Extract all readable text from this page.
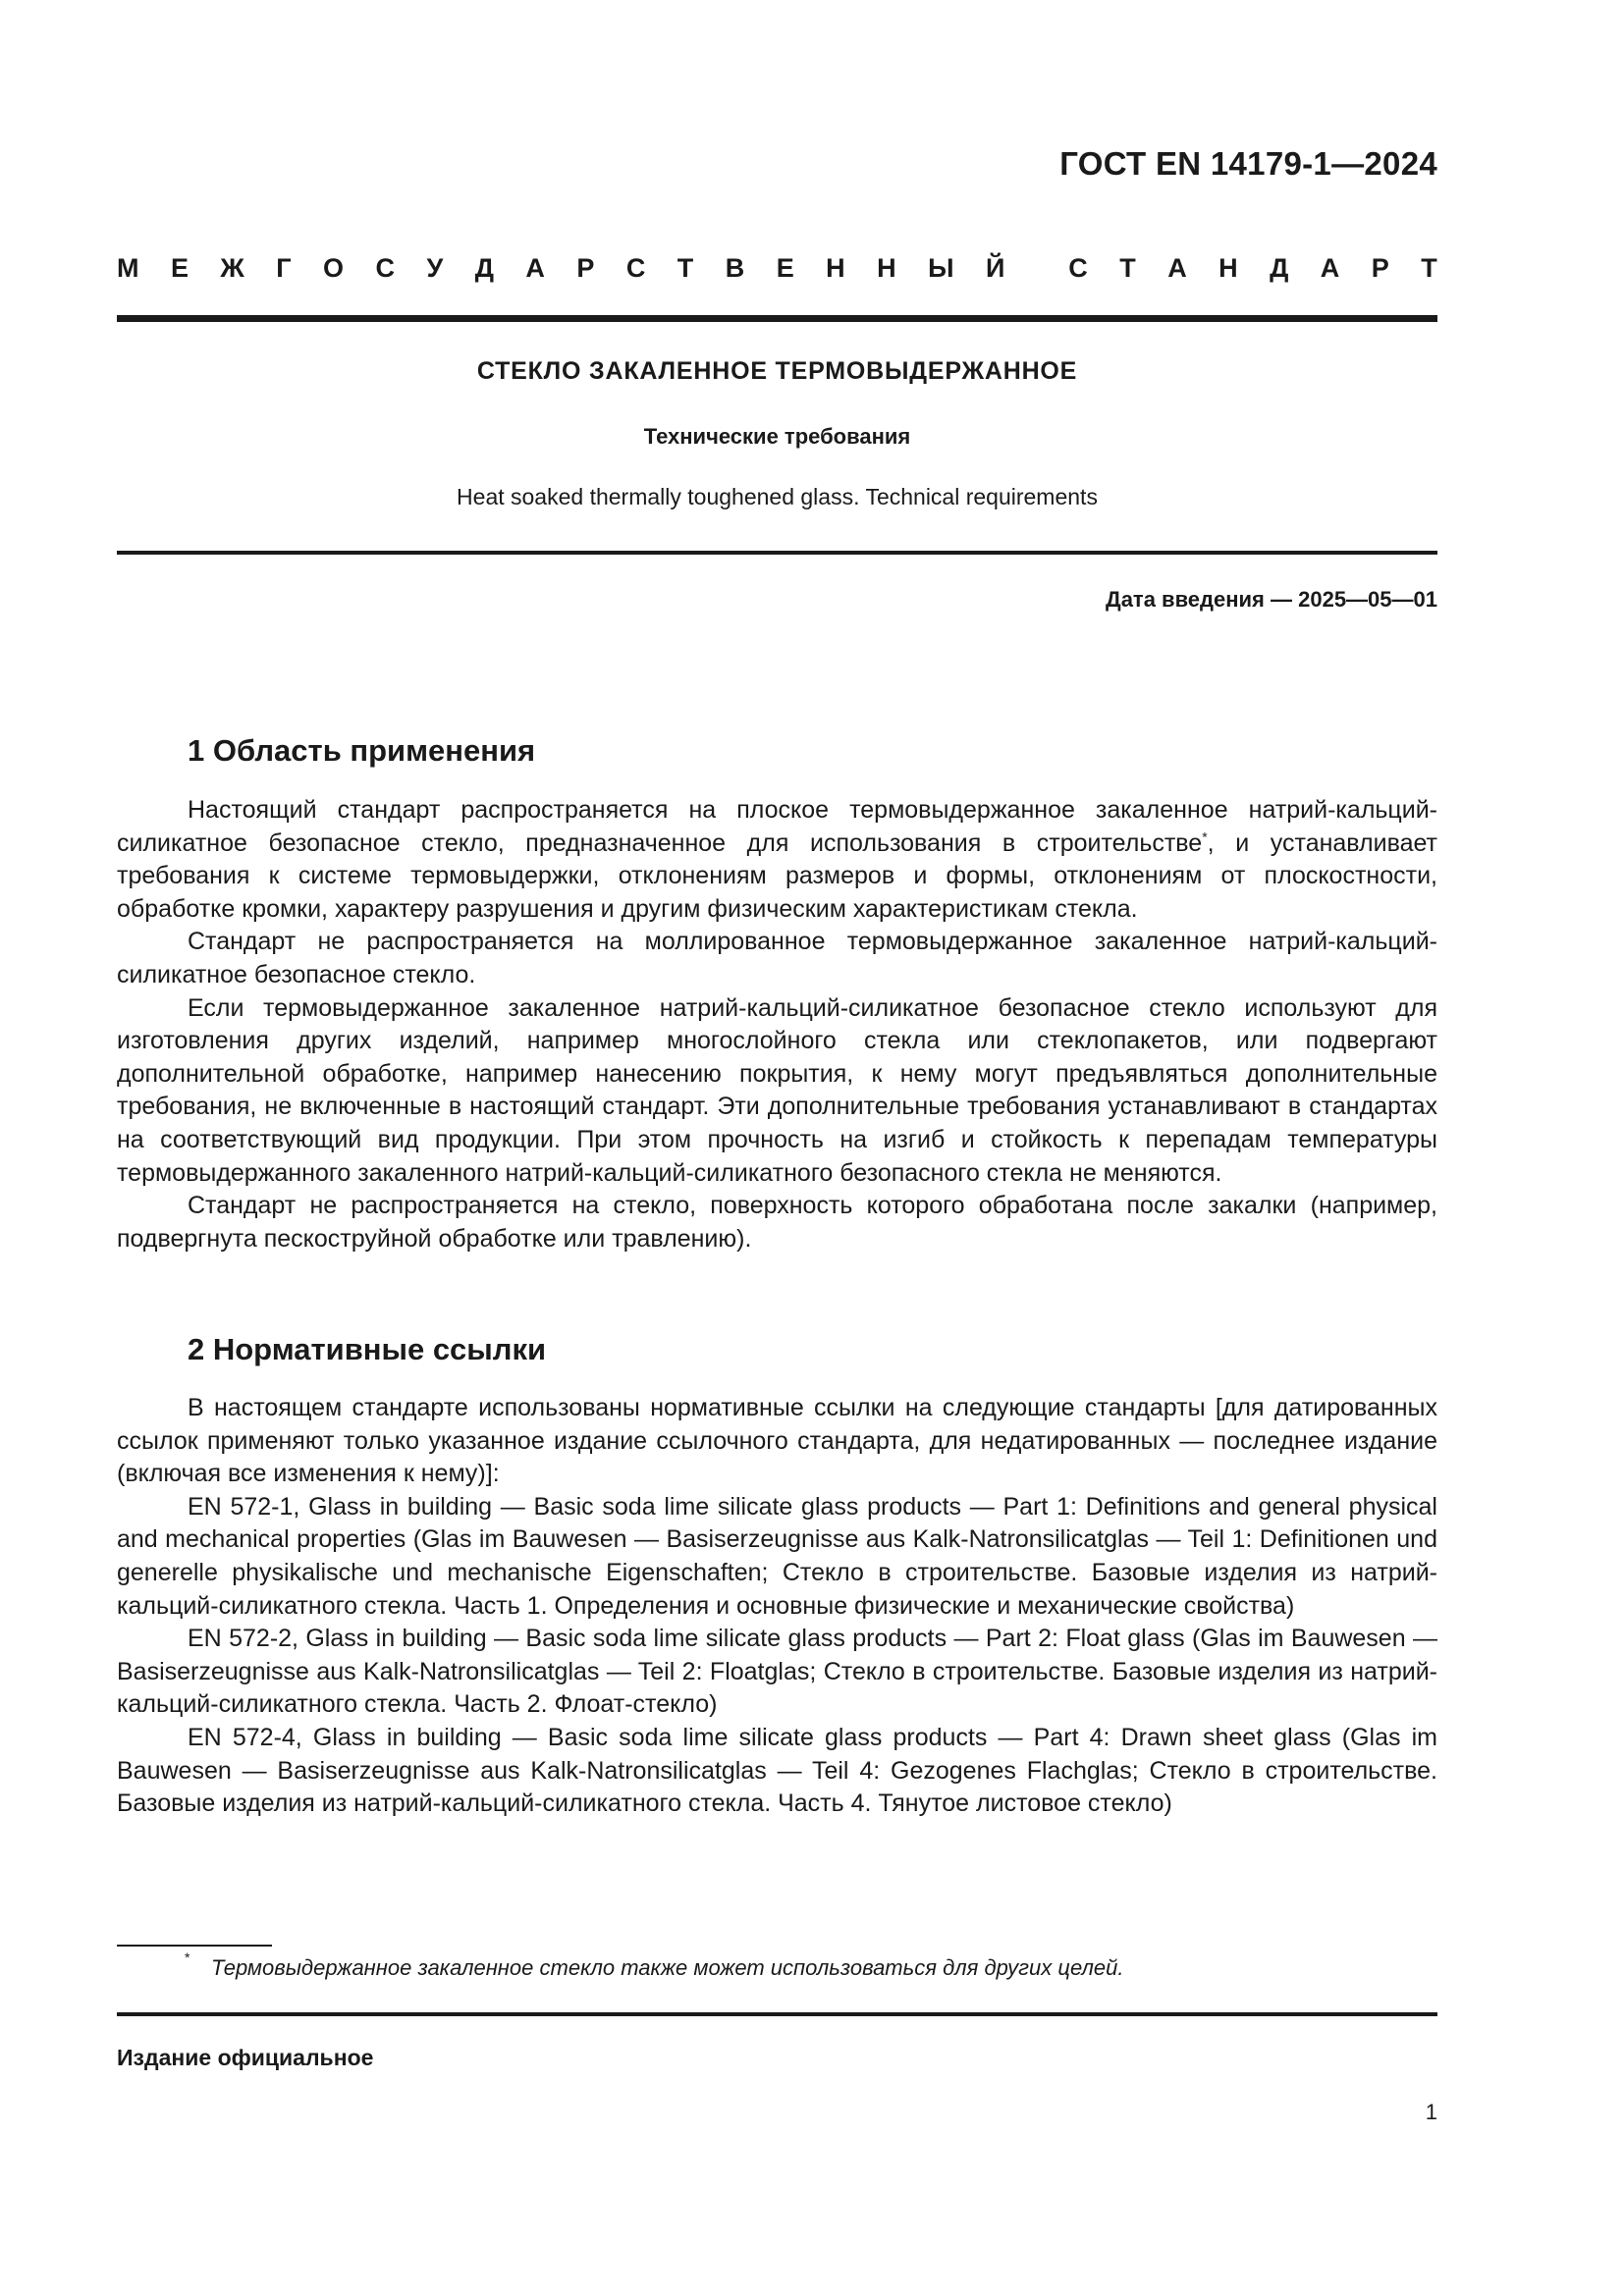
ГОСТ EN 14179-1—2024
М Е Ж Г О С У Д А Р С Т В Е Н Н Ы Й С Т А Н Д А Р Т
СТЕКЛО ЗАКАЛЕННОЕ ТЕРМОВЫДЕРЖАННОЕ
Технические требования
Heat soaked thermally toughened glass. Technical requirements
Дата введения — 2025—05—01
1 Область применения

Настоящий стандарт распространяется на плоское термовыдержанное закаленное натрий-кальций-силикатное безопасное стекло, предназначенное для использования в строительстве*, и устанавливает требования к системе термовыдержки, отклонениям размеров и формы, отклонениям от плоскостности, обработке кромки, характеру разрушения и другим физическим характеристикам стекла.

Стандарт не распространяется на моллированное термовыдержанное закаленное натрий-кальций-силикатное безопасное стекло.

Если термовыдержанное закаленное натрий-кальций-силикатное безопасное стекло используют для изготовления других изделий, например многослойного стекла или стеклопакетов, или подвергают дополнительной обработке, например нанесению покрытия, к нему могут предъявляться дополнительные требования, не включенные в настоящий стандарт. Эти дополнительные требования устанавливают в стандартах на соответствующий вид продукции. При этом прочность на изгиб и стойкость к перепадам температуры термовыдержанного закаленного натрий-кальций-силикатного безопасного стекла не меняются.

Стандарт не распространяется на стекло, поверхность которого обработана после закалки (например, подвергнута пескоструйной обработке или травлению).

2 Нормативные ссылки

В настоящем стандарте использованы нормативные ссылки на следующие стандарты [для датированных ссылок применяют только указанное издание ссылочного стандарта, для недатированных — последнее издание (включая все изменения к нему)]:

EN 572-1, Glass in building — Basic soda lime silicate glass products — Part 1: Definitions and general physical and mechanical properties (Glas im Bauwesen — Basiserzeugnisse aus Kalk-Natronsilicatglas — Teil 1: Definitionen und generelle physikalische und mechanische Eigenschaften; Стекло в строительстве. Базовые изделия из натрий-кальций-силикатного стекла. Часть 1. Определения и основные физические и механические свойства)

EN 572-2, Glass in building — Basic soda lime silicate glass products — Part 2: Float glass (Glas im Bauwesen — Basiserzeugnisse aus Kalk-Natronsilicatglas — Teil 2: Floatglas; Стекло в строительстве. Базовые изделия из натрий-кальций-силикатного стекла. Часть 2. Флоат-стекло)

EN 572-4, Glass in building — Basic soda lime silicate glass products — Part 4: Drawn sheet glass (Glas im Bauwesen — Basiserzeugnisse aus Kalk-Natronsilicatglas — Teil 4: Gezogenes Flachglas; Стекло в строительстве. Базовые изделия из натрий-кальций-силикатного стекла. Часть 4. Тянутое листовое стекло)

* Термовыдержанное закаленное стекло также может использоваться для других целей.
Издание официальное
1
